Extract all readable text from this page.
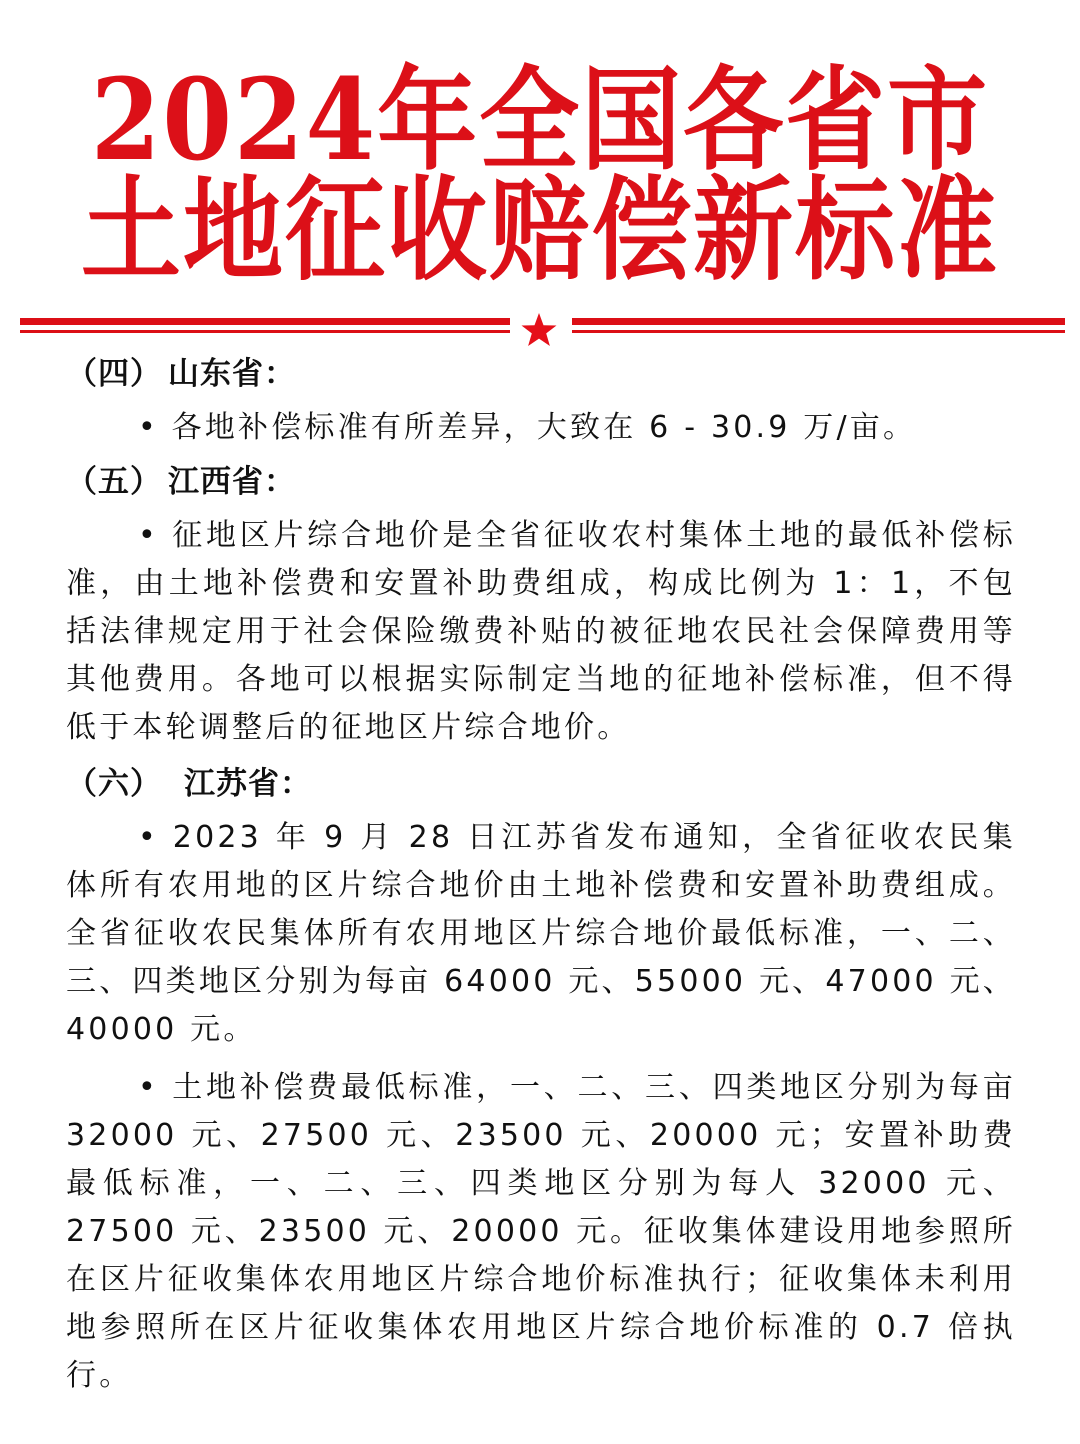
2024年全国各省市
土地征收赔偿新标准
（四） 山东省：
• 各地补偿标准有所差异，大致在 6 - 30.9 万/亩。
（五） 江西省：

• 征地区片综合地价是全省征收农村集体土地的最低补偿标准，由土地补偿费和安置补助费组成，构成比例为 1：1，不包括法律规定用于社会保险缴费补贴的被征地农民社会保障费用等其他费用。各地可以根据实际制定当地的征地补偿标准，但不得低于本轮调整后的征地区片综合地价。

（六） 江苏省：

• 2023 年 9 月 28 日江苏省发布通知，全省征收农民集体所有农用地的区片综合地价由土地补偿费和安置补助费组成。全省征收农民集体所有农用地区片综合地价最低标准，一、二、三、四类地区分别为每亩 64000 元、55000 元、47000 元、40000 元。

• 土地补偿费最低标准，一、二、三、四类地区分别为每亩 32000 元、27500 元、23500 元、20000 元；安置补助费最低标准，一、二、三、四类地区分别为每人 32000 元、27500 元、23500 元、20000 元。征收集体建设用地参照所在区片征收集体农用地区片综合地价标准执行；征收集体未利用地参照所在区片征收集体农用地区片综合地价标准的 0.7 倍执行。
